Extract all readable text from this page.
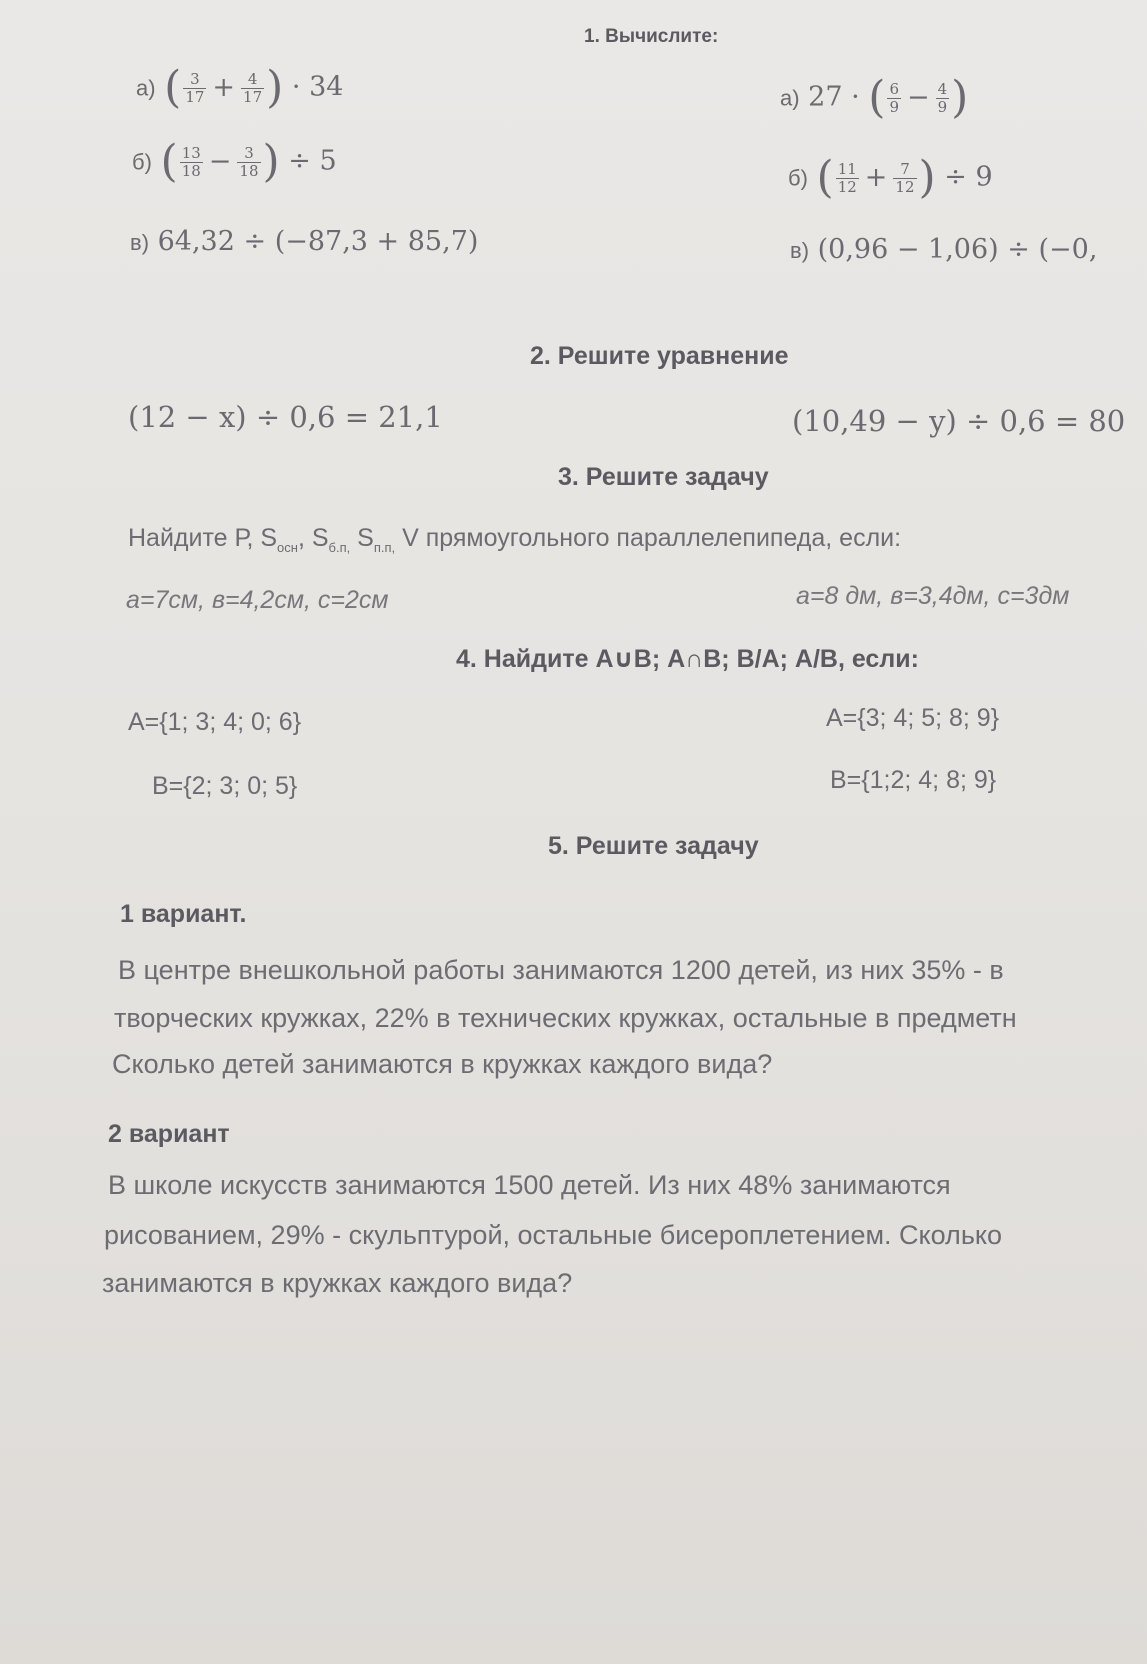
1. Вычислите:
а) ( $\frac{3}{17} + \frac{4}{17}$ ) · 34
б) ( $\frac{13}{18} - \frac{3}{18}$ ) ÷ 5
в) 64,32 ÷ (−87,3 + 85,7)
а) 27 · ( $\frac{6}{9} - \frac{4}{9}$ )
б) ( $\frac{11}{12} + \frac{7}{12}$ ) ÷ 9
в) (0,96 − 1,06) ÷ (−0,
2. Решите уравнение
(12 − x) ÷ 0,6 = 21,1	(10,49 − y) ÷ 0,6 = 80
3. Решите задачу
Найдите Р, $S_{осн}$, $S_{б.п,}$ $S_{п.п,}$ V прямоугольного параллелепипеда, если:
а=7см, в=4,2см, с=2см	а=8 дм, в=3,4дм, с=3дм
4. Найдите А∪В; А∩В; В/А; А/В, если:
А={1; 3; 4; 0; 6}
В={2; 3; 0; 5}
А={3; 4; 5; 8; 9}
В={1;2; 4; 8; 9}
5. Решите задачу
1 вариант.
В центре внешкольной работы занимаются 1200 детей, из них 35% - в
творческих кружках, 22% в технических кружках, остальные в предметн
Сколько детей занимаются в кружках каждого вида?
2 вариант
В школе искусств занимаются 1500 детей. Из них 48% занимаются
рисованием, 29% - скульптурой, остальные бисероплетением. Сколько
занимаются в кружках каждого вида?
